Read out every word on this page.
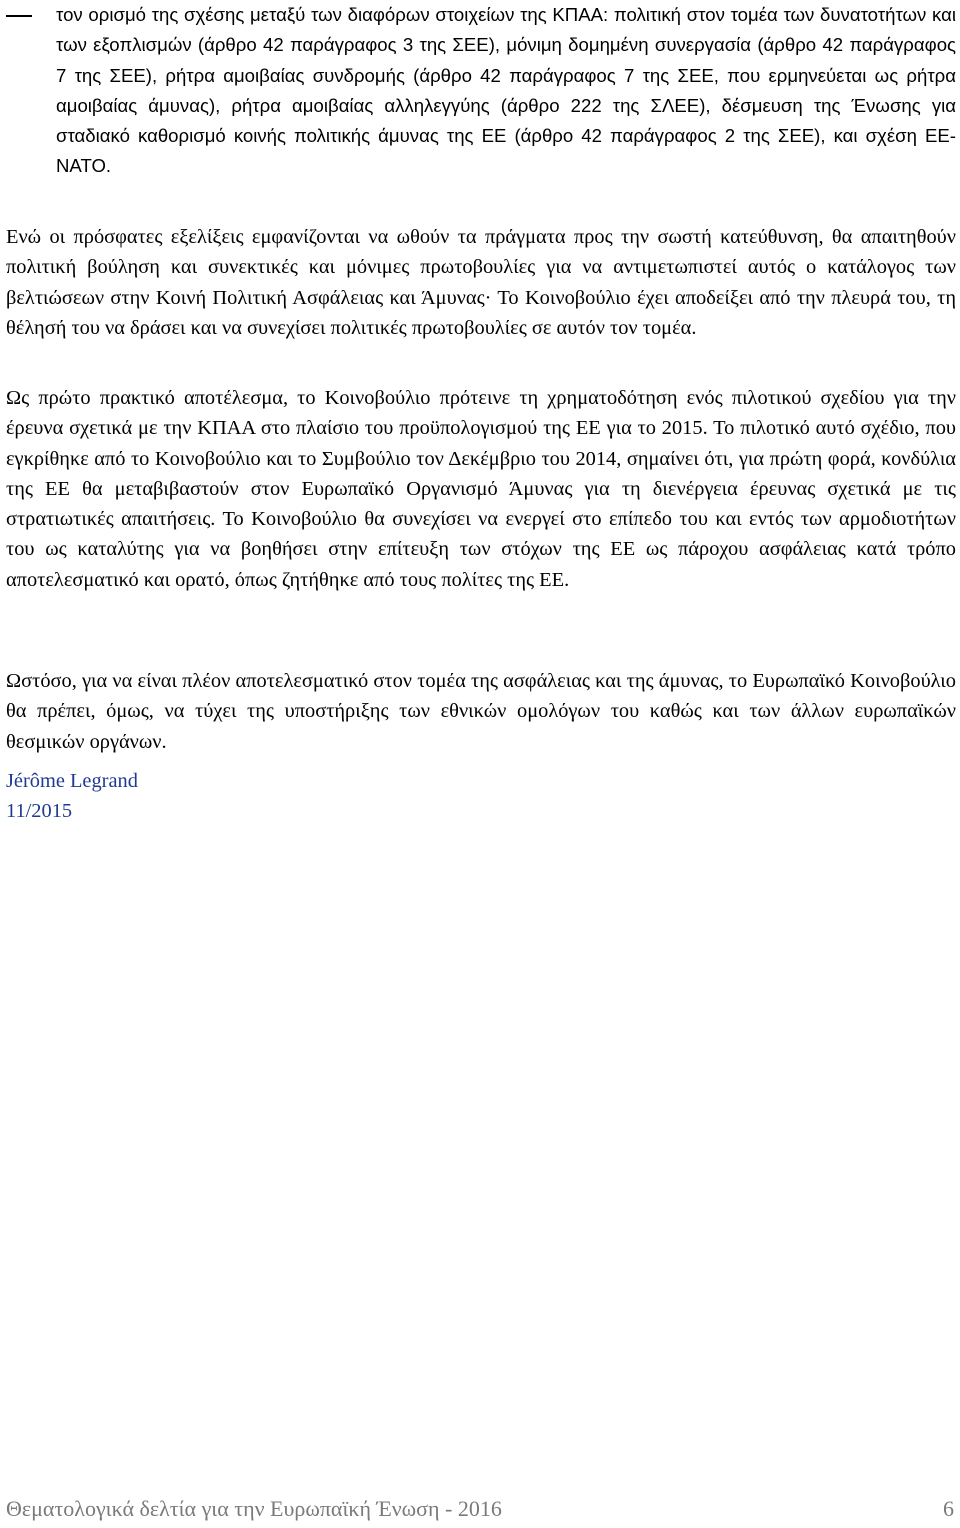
τον ορισμό της σχέσης μεταξύ των διαφόρων στοιχείων της ΚΠΑΑ: πολιτική στον τομέα των δυνατοτήτων και των εξοπλισμών (άρθρο 42 παράγραφος 3 της ΣΕΕ), μόνιμη δομημένη συνεργασία (άρθρο 42 παράγραφος 7 της ΣΕΕ), ρήτρα αμοιβαίας συνδρομής (άρθρο 42 παράγραφος 7 της ΣΕΕ, που ερμηνεύεται ως ρήτρα αμοιβαίας άμυνας), ρήτρα αμοιβαίας αλληλεγγύης (άρθρο 222 της ΣΛΕΕ), δέσμευση της Ένωσης για σταδιακό καθορισμό κοινής πολιτικής άμυνας της ΕΕ (άρθρο 42 παράγραφος 2 της ΣΕΕ), και σχέση ΕΕ-ΝΑΤΟ.

Ενώ οι πρόσφατες εξελίξεις εμφανίζονται να ωθούν τα πράγματα προς την σωστή κατεύθυνση, θα απαιτηθούν πολιτική βούληση και συνεκτικές και μόνιμες πρωτοβουλίες για να αντιμετωπιστεί αυτός ο κατάλογος των βελτιώσεων στην Κοινή Πολιτική Ασφάλειας και Άμυνας· Το Κοινοβούλιο έχει αποδείξει από την πλευρά του, τη θέλησή του να δράσει και να συνεχίσει πολιτικές πρωτοβουλίες σε αυτόν τον τομέα.

Ως πρώτο πρακτικό αποτέλεσμα, το Κοινοβούλιο πρότεινε τη χρηματοδότηση ενός πιλοτικού σχεδίου για την έρευνα σχετικά με την ΚΠΑΑ στο πλαίσιο του προϋπολογισμού της ΕΕ για το 2015. Το πιλοτικό αυτό σχέδιο, που εγκρίθηκε από το Κοινοβούλιο και το Συμβούλιο τον Δεκέμβριο του 2014, σημαίνει ότι, για πρώτη φορά, κονδύλια της ΕΕ θα μεταβιβαστούν στον Ευρωπαϊκό Οργανισμό Άμυνας για τη διενέργεια έρευνας σχετικά με τις στρατιωτικές απαιτήσεις. Το Κοινοβούλιο θα συνεχίσει να ενεργεί στο επίπεδο του και εντός των αρμοδιοτήτων του ως καταλύτης για να βοηθήσει στην επίτευξη των στόχων της ΕΕ ως πάροχου ασφάλειας κατά τρόπο αποτελεσματικό και ορατό, όπως ζητήθηκε από τους πολίτες της ΕΕ.

Ωστόσο, για να είναι πλέον αποτελεσματικό στον τομέα της ασφάλειας και της άμυνας, το Ευρωπαϊκό Κοινοβούλιο θα πρέπει, όμως, να τύχει της υποστήριξης των εθνικών ομολόγων του καθώς και των άλλων ευρωπαϊκών θεσμικών οργάνων.

Jérôme Legrand
11/2015
Θεματολογικά δελτία για την Ευρωπαϊκή Ένωση - 2016	6
